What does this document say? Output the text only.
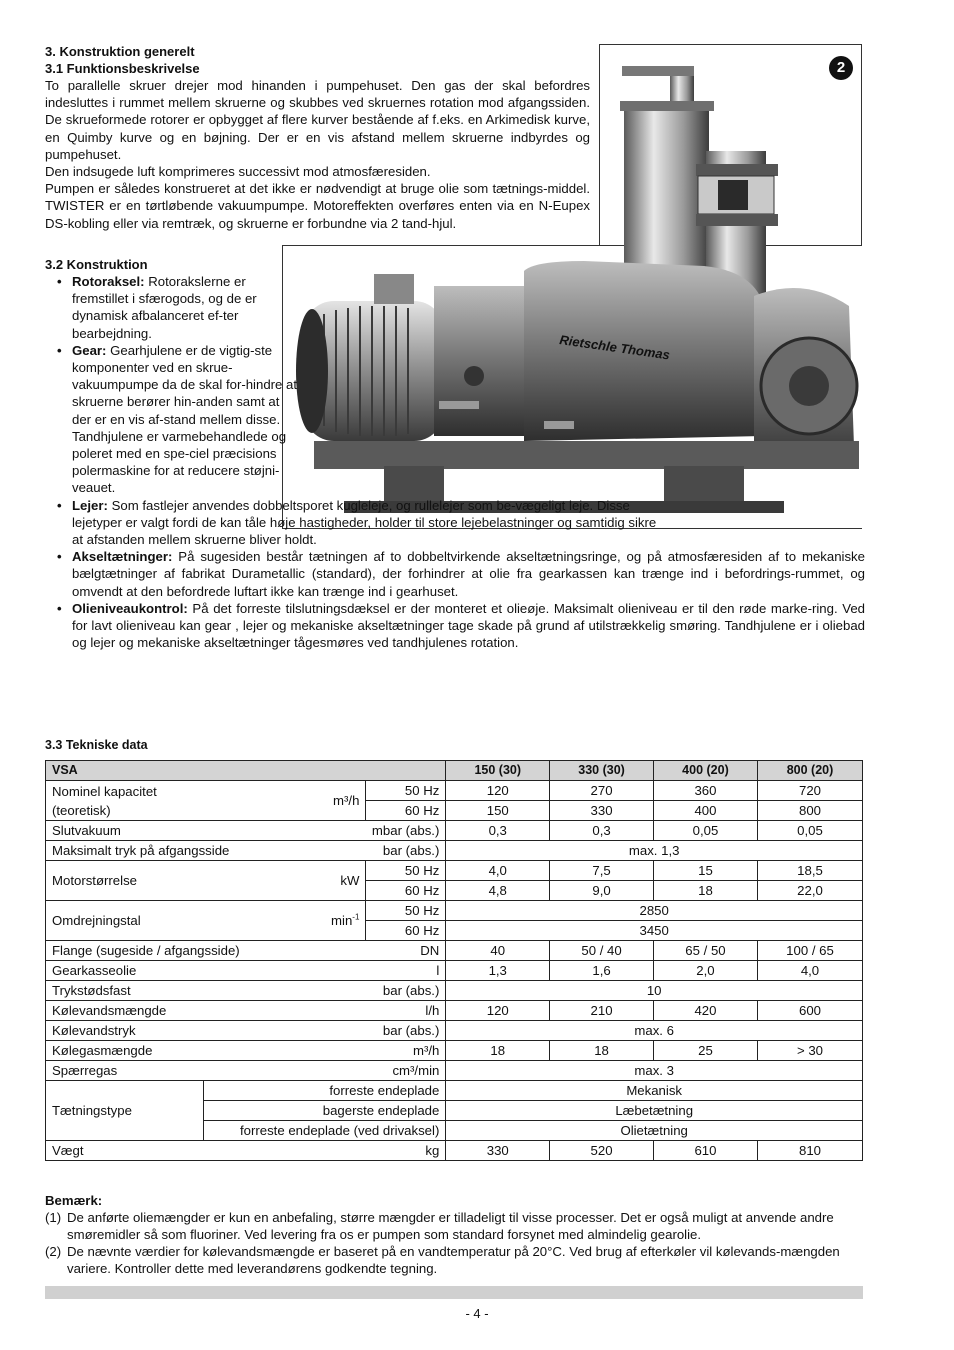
Rietschle Thomas
2

3. Konstruktion generelt

3.1 Funktionsbeskrivelse

To parallelle skruer drejer mod hinanden i pumpehuset. Den gas der skal befordres indesluttes i rummet mellem skruerne og skubbes ved skruernes rotation mod afgangssiden. De skrueformede rotorer er opbygget af flere kurver bestående af f.eks. en Arkimedisk kurve, en Quimby kurve og en bøjning. Der er en vis afstand mellem skruerne indbyrdes og pumpehuset.

Den indsugede luft komprimeres successivt mod atmosfæresiden.

Pumpen er således konstrueret at det ikke er nødvendigt at bruge olie som tætnings-middel. TWISTER er en tørtløbende vakuumpumpe. Motoreffekten overføres enten via en N-Eupex DS-kobling eller via remtræk, og skruerne er forbundne via 2 tand-hjul.

3.2 Konstruktion

• Rotoraksel: Rotorakslerne er fremstillet i sfærogods, og de er dynamisk afbalanceret ef-ter bearbejdning.
• Gear: Gearhjulene er de vigtig-ste komponenter ved en skrue-vakuumpumpe da de skal for-hindre at skruerne berører hin-anden samt at der er en vis af-stand mellem disse. Tandhjulene er varmebehandlede og poleret med en spe-ciel præcisions polermaskine for at reducere støjni-veauet.
• Lejer: Som fastlejer anvendes dobbeltsporet kugleleje, og rullelejer som be-vægeligt leje. Disse lejetyper er valgt fordi de kan tåle høje hastigheder, holder til store lejebelastninger og samtidig sikre at afstanden mellem skruerne bliver holdt.
• Akseltætninger: På sugesiden består tætningen af to dobbeltvirkende akseltætningsringe, og på atmosfæresiden af to mekaniske bælgtætninger af fabrikat Durametallic (standard), der forhindrer at olie fra gearkassen kan trænge ind i befordrings-rummet, og omvendt at den befordrede luftart ikke kan trænge ind i gearhuset.
• Olieniveaukontrol: På det forreste tilslutningsdæksel er der monteret et olieøje. Maksimalt olieniveau er til den røde marke-ring. Ved for lavt olieniveau kan gear , lejer og mekaniske akseltætninger tage skade på grund af utilstrækkelig smøring. Tandhjulene er i oliebad og lejer og mekaniske akseltætninger tågesmøres ved tandhjulenes rotation.
3.3 Tekniske data
VSA			150 (30)	330 (30)	400 (20)	800 (20)
Nominel kapacitet (teoretisk)	m³/h	50 Hz	120	270	360	720
		60 Hz	150	330	400	800
Slutvakuum		mbar (abs.)	0,3	0,3	0,05	0,05
Maksimalt tryk på afgangsside		bar (abs.)	max. 1,3			
Motorstørrelse	kW	50 Hz	4,0	7,5	15	18,5
		60 Hz	4,8	9,0	18	22,0
Omdrejningstal	$\min^{-1}$	50 Hz	2850			
		60 Hz	3450			
Flange (sugeside / afgangsside)		DN	40	50 / 40	65 / 50	100 / 65
Gearkasseolie		l	1,3	1,6	2,0	4,0
Trykstødsfast		bar (abs.)	10			
Kølevandsmængde		l/h	120	210	420	600
Kølevandstryk		bar (abs.)	max. 6			
Kølegasmængde		m³/h	18	18	25	> 30
Spærregas		cm³/min	max. 3			
Tætningstype	forreste endeplade		Mekanisk			
	bagerste endeplade		Læbetætning			
	forreste endeplade (ved drivaksel)		Olietætning			
Vægt		kg	330	520	610	810

Bemærk:

(1) De anførte oliemængder er kun en anbefaling, større mængder er tilladeligt til visse processer. Det er også muligt at anvende andre smøremidler så som fluoriner. Ved levering fra os er pumpen som standard forsynet med almindelig gearolie.
(2) De nævnte værdier for kølevandsmængde er baseret på en vandtemperatur på 20°C. Ved brug af efterkøler vil kølevands-mængden variere. Kontroller dette med leverandørens godkendte tegning.
- 4 -
